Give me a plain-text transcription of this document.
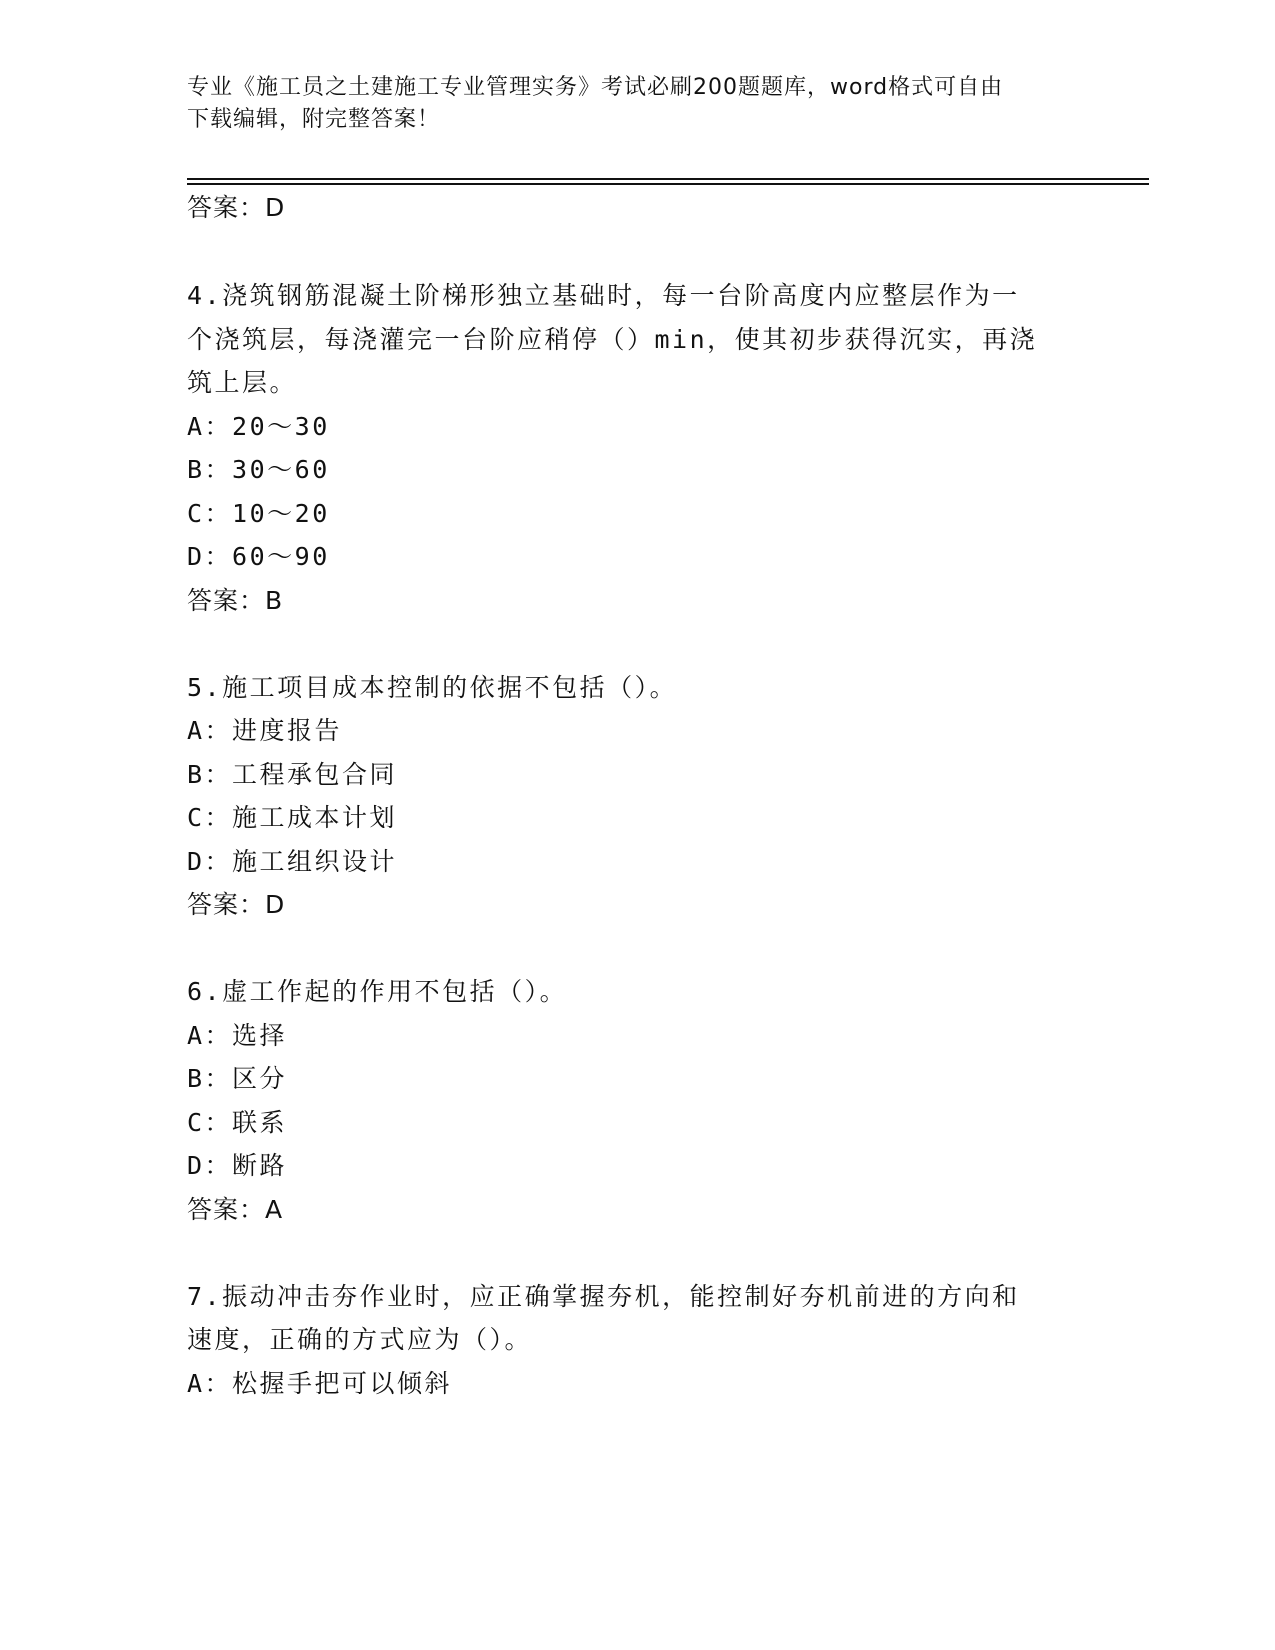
专业《施工员之土建施工专业管理实务》考试必刷200题题库，word格式可自由
下载编辑，附完整答案！
答案：D
4.浇筑钢筋混凝土阶梯形独立基础时，每一台阶高度内应整层作为一
个浇筑层，每浇灌完一台阶应稍停（）min，使其初步获得沉实，再浇
筑上层。
A：20～30
B：30～60
C：10～20
D：60～90
答案：B
5.施工项目成本控制的依据不包括（）。
A：进度报告
B：工程承包合同
C：施工成本计划
D：施工组织设计
答案：D
6.虚工作起的作用不包括（）。
A：选择
B：区分
C：联系
D：断路
答案：A
7.振动冲击夯作业时，应正确掌握夯机，能控制好夯机前进的方向和
速度，正确的方式应为（）。
A：松握手把可以倾斜
